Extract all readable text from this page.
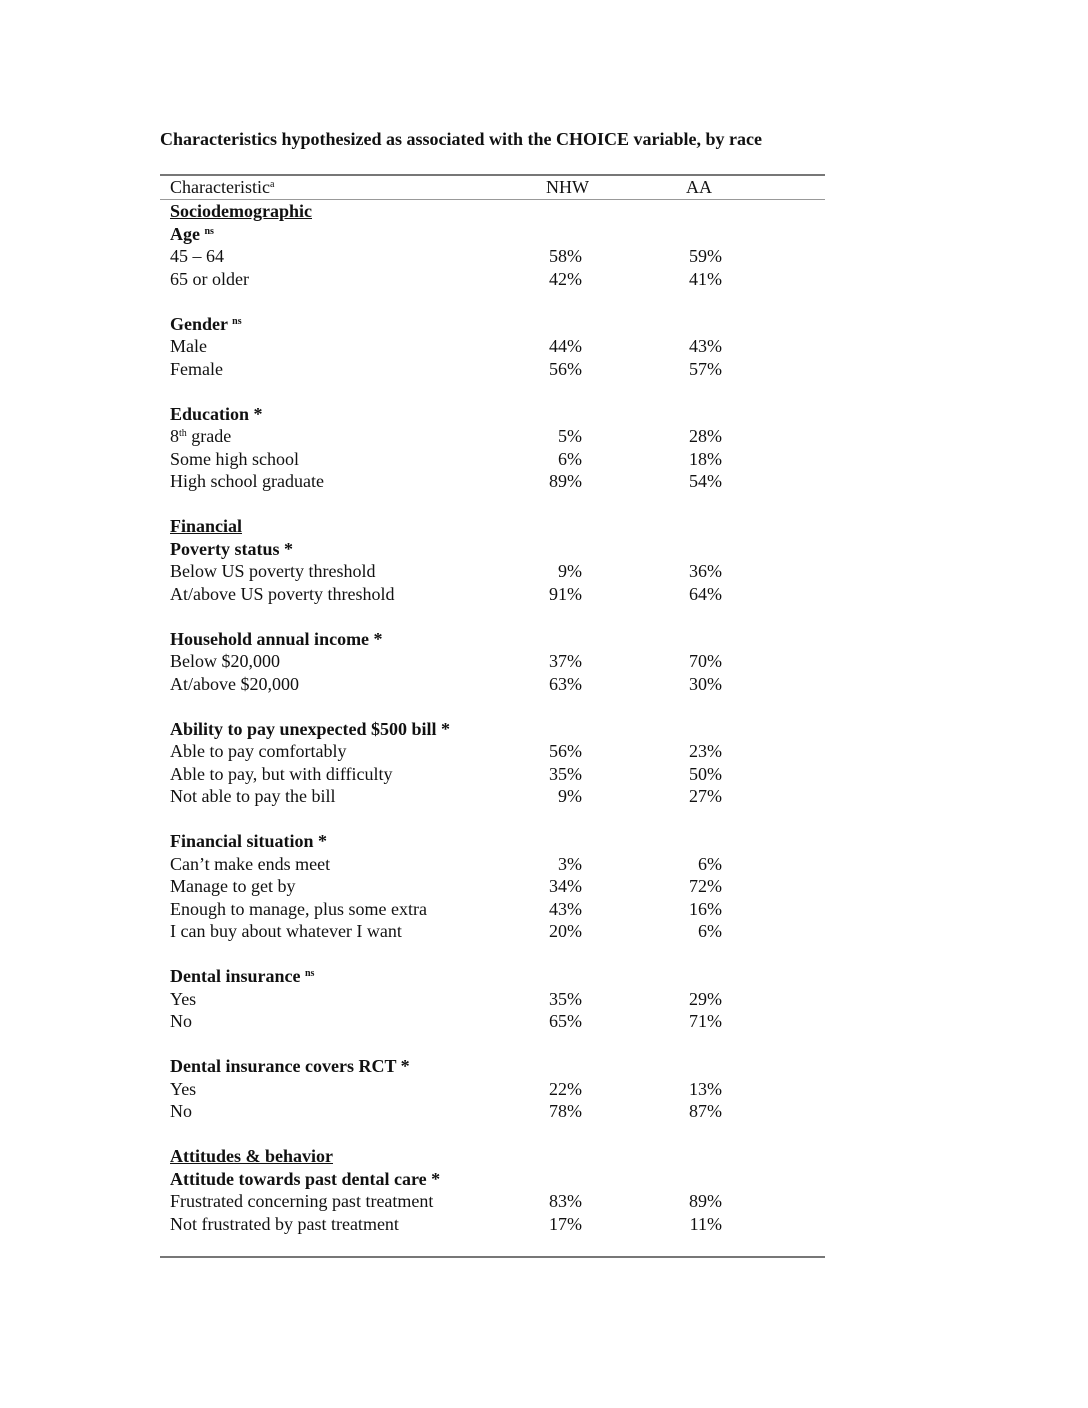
Characteristics hypothesized as associated with the CHOICE variable, by race
Characteristic$^a$	NHW	AA
Sociodemographic
Age $^{ns}$
45 – 64	58%	59%
65 or older	42%	41%
Gender $^{ns}$
Male	44%	43%
Female	56%	57%
Education *
8th grade	5%	28%
Some high school	6%	18%
High school graduate	89%	54%
Financial
Poverty status *
Below US poverty threshold	9%	36%
At/above US poverty threshold	91%	64%
Household annual income *
Below $20,000	37%	70%
At/above $20,000	63%	30%
Ability to pay unexpected $500 bill *
Able to pay comfortably	56%	23%
Able to pay, but with difficulty	35%	50%
Not able to pay the bill	9%	27%
Financial situation *
Can’t make ends meet	3%	6%
Manage to get by	34%	72%
Enough to manage, plus some extra	43%	16%
I can buy about whatever I want	20%	6%
Dental insurance $^{ns}$
Yes	35%	29%
No	65%	71%
Dental insurance covers RCT *
Yes	22%	13%
No	78%	87%
Attitudes & behavior
Attitude towards past dental care *
Frustrated concerning past treatment	83%	89%
Not frustrated by past treatment	17%	11%
